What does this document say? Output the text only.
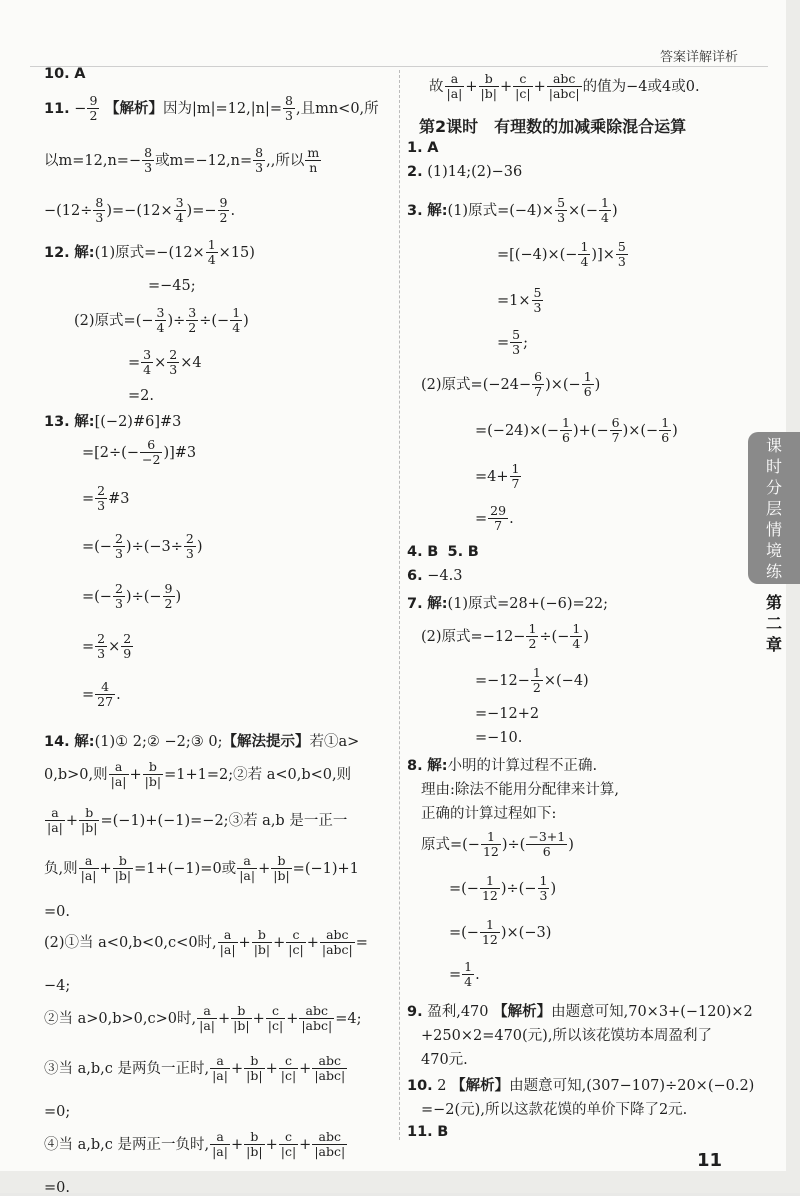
答案详解详析
10. A
11. − $\frac{9}{2}$ 【解析】因为$|m|=12,|n|= \frac{8}{3}$ ,且mn<0,所
以$m=12,n=- \frac{8}{3}$ 或$m=-12,n= \frac{8}{3}$ ,,所以 $\frac{m}{n}$
$-(12\div \frac{8}{3} )=-(12\times \frac{3}{4}$ )=− $\frac{9}{2}$ .
12. 解:(1)原式$=-(12\times \frac{1}{4} \times 15)$
=−45;
(2)原式=(− $\frac{3}{4}$ )÷ $\frac{3}{2}$ ÷(− $\frac{1}{4}$ )
= $\frac{3}{4} \times \frac{2}{3} \times 4$
=2.
13. 解:[(−2)#6]#3
$=[2\div(- \frac{6}{-2}$ )]#3
= $\frac{2}{3}$ #3
=(− $\frac{2}{3} )\div(-3\div \frac{2}{3}$ )
=(− $\frac{2}{3}$ )÷(− $\frac{9}{2}$ )
= $\frac{2}{3} \times \frac{2}{9}$
= $\frac{4}{27}$ .
14. 解:(1)① 2;② −2;③ 0;【解法提示】若①a>
0,b>0,则 $\frac{a}{|a|} + \frac{b}{|b|}$ =1+1=2;②若 a<0,b<0,则
$\frac{a}{|a|} + \frac{b}{|b|}$ =(−1)+(−1)=−2;③若 a,b 是一正一
负,则 $\frac{a}{|a|} + \frac{b}{|b|} =1+(-1)=0$或 $\frac{a}{|a|} + \frac{b}{|b|} =(-1)+1$
=0.
(2)①当 a<0,b<0,c<0时, $\frac{a}{|a|} + \frac{b}{|b|} + \frac{c}{|c|} + \frac{\text{abc}}{\text{|abc|}}$ =
−4;
②当 a>0,b>0,c>0时, $\frac{a}{|a|} + \frac{b}{|b|} + \frac{c}{|c|} + \frac{\text{abc}}{\text{|abc|}} =4$;
③当 a,b,c 是两负一正时, $\frac{a}{|a|} + \frac{b}{|b|} + \frac{c}{|c|} + \frac{\text{abc}}{\text{|abc|}}$
=0;
④当 a,b,c 是两正一负时, $\frac{a}{|a|} + \frac{b}{|b|} + \frac{c}{|c|} + \frac{\text{abc}}{\text{|abc|}}$
=0.
故 $\frac{a}{|a|} + \frac{b}{|b|} + \frac{c}{|c|} + \frac{\text{abc}}{\text{|abc|}}$ 的值为−4或4或0.
第2课时　有理数的加减乘除混合运算
1. A
2. (1)14;(2)−36
3. 解:(1)原式$=(-4)\times \frac{5}{3}$ ×(− $\frac{1}{4}$ )
$=[(-4)\times(- \frac{1}{4}$ )]× $\frac{5}{3}$
$=1\times \frac{5}{3}$
= $\frac{5}{3}$ ;
(2)原式$=(-24- \frac{6}{7}$ )×(− $\frac{1}{6}$ )
$=(-24)\times(- \frac{1}{6}$ )+(− $\frac{6}{7}$ )×(− $\frac{1}{6}$ )
$=4+ \frac{1}{7}$
= $\frac{29}{7}$ .
4. B 5. B
6. −4.3
7. 解:(1)原式=28+(−6)=22;
(2)原式$=-12- \frac{1}{2}$ ÷(− $\frac{1}{4}$ )
$=-12- \frac{1}{2} \times(-4)$
=−12+2
=−10.
8. 解:小明的计算过程不正确.
理由:除法不能用分配律来计算,
正确的计算过程如下:
原式=(− $\frac{1}{12}$ )÷( $\frac{-3+1}{6}$ )
=(− $\frac{1}{12}$ )÷(− $\frac{1}{3}$ )
=(− $\frac{1}{12} )\times(-3)$
= $\frac{1}{4}$ .
9. 盈利,470 【解析】由题意可知,70×3+(−120)×2
+250×2=470(元),所以该花馍坊本周盈利了
470元.
10. 2 【解析】由题意可知,(307−107)÷20×(−0.2)
=−2(元),所以这款花馍的单价下降了2元.
11. B
课时分层情境练
第二章
11
